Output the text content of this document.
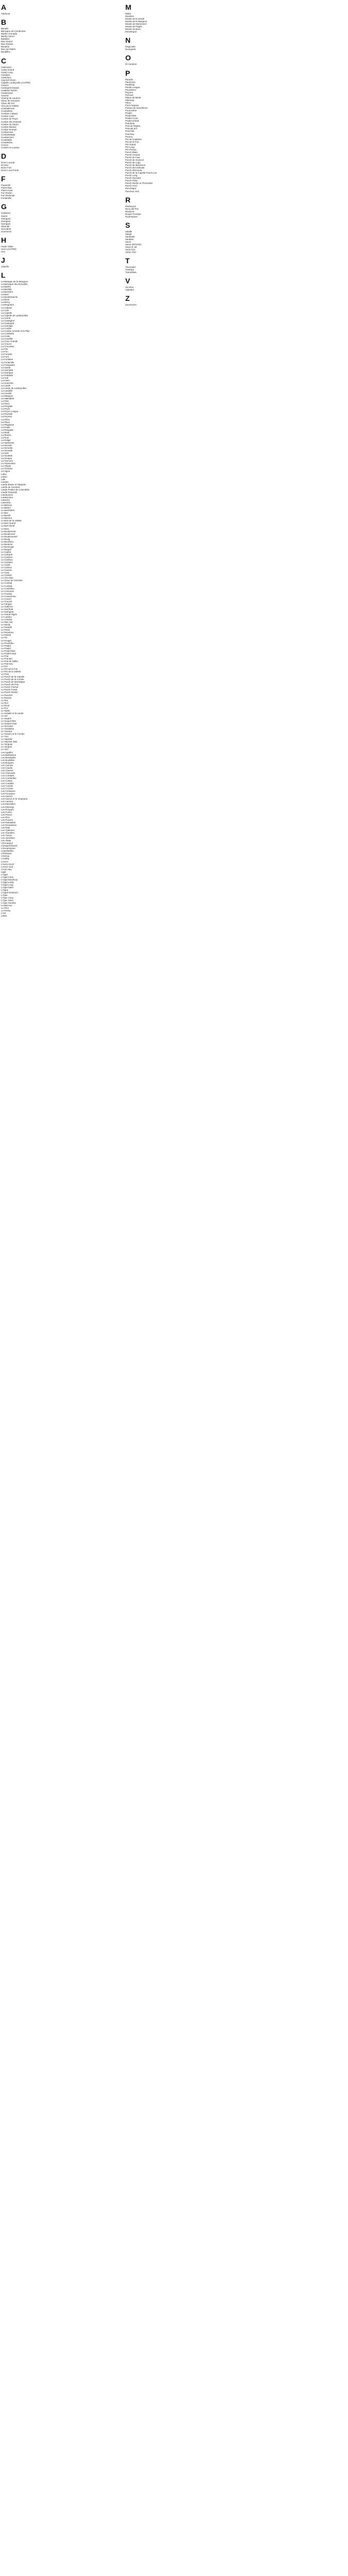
A
Aiteboua
B
Banelle
Barraque de Combrosse
Barthe Crenada
Barthe Verrel
Bataillon
Bois Grand
Bois Rolaire
Bonafon
Bois del Pattre
Boudilles
C
Cabrosset
Camp Grand
Camp Long
Canabes
Cantelouz
Cap Del Cleen
Capelle Lardeyrolle (AUTRE)
Casson
Castegrat Grande
Catalane Redon
Castanoard
Cauzac
Champ de Lauriers
Claux de Gumarot
Claux del Sol
Clos de la Valette
Combaléroes
Combellore
Combes Cabara
Combe Cave
Combe de Peyre
Combe des Estivats
Combe du Garrin
Combe Maonie
Combe Sounpe
Combensse
Combettelade
Condamines
Coudelade
Coutaledou
Crouzo
Croisés et Londou
D
Dorre Louzial
D'Artuo
Dorre Fort
Dorre Lous-Fonts
F
Favarede
Flazet Bas
Flazet Haut
Fon Rodon
Fon Redonde
Fontanelle
G
Galiniace
Garrot
Garriguet
Garriguel
Garriguel
Gibeuillt
Girondetti
Gommerd
H
Haute Valas
Herm (AUTRE)
Hon
J
Joberlin
L
La Baraque de la Margune
La Barraque des Escudiès
La Barthe
La Bastide
La Bessière
La Boie
La Bondetraunie
La Borie
La Brécy
La Brugueire
La Cabane
La Cale
La Capelle
La Capelle de Lardeyrolles
La Carral
La Castagner
La Castegral
La Carriage
La Combe
La Combe Grande et la Plan
La Combette
La Coste
La Coustille
La Croie Grande
La Crouzo
La Crouzette
La Fite
La Fon
La Fonsole
La Font
La Fontaine
La Fontenille
La Franquière
La Garde
La Garridde
La Garrigue
La Grabade
La Hutt
La Imelo
La Jouvente
La Lande
La Lande de Lardeyrolles
La Landelle
La Lèvade
La Marguse
La Matelabel
La Pèle
La Parro
La Pergade
La Peyre
La Peyre Longue
La Peyrade
La Peyrere
La Piéce
La Place
La Plagiasse
La Prade
La Rangade
La Riale
La Rivière
La Roie
La Rollgé
La Salavetrie
La Servale
La Servette
La Servade
La Sole
La Soulette
La Souque
La Tourcere
La Traverslére
La Tribale
La Triclame
La Vigne
Lafex
Laizer
Lale
Landes
Lande Basse et Haquele
Lande de Gumaret
Lande Petites de Colombàis
Lande Redonde
Landoueres
Lardeyroles
Lasserre
Lavernha
Le Bétroux
Le Bartez
Le Barrièdère
Le Bes
Le Besell
Le Blanout
Le Bois de la Valette
Le Bois Grand
Le Bois Rond
Le Bost
Le Boudevrnet
Le Boudevnal
Le Boudessonel
Le Bouig
Le Bourthou
Le Bouteza
Le Bouvegat
Le Burgus
Le Cadral
Le Calcanti
Le Cambon
Le Cambou
Le Cardaire
Le Casta
Le Cassou
Le Causse
Le Caxy
Le Chirard
Le Clos Bas
Le Claux de Garnette
Le Combal
Le Combat
Le Combillou
Le Comunas
Le Coudoy
Le Coustereau
Le Couzel
Le Crouzel
Le Fangas
Le Galerme
Le Garrifoat
Le Garriguet
Le Grand Nigrix
Le Landeu
Le Limidiot
Le Mas Hut
Le Mouly
Le Paradel
Le Pelus
Le Pelusnes
Le Pebrat
Le Pic
Le Pouget
Le Pouchfau
Le Pradel
Le Pradel
Le Pradel Bas
Le Pradel Haut
Le Prat
Le Prat Bel
Le Prat de Nalbe
Le Prat Neu
Le Pré
Le Pré de la Fon
Le Pré de la Valette
Le Prés
Le Puech de la Capelle
Le Puech de la Combe
Le Puech de Montelgne
Le Puech del Fau
Le Puech Fachat
Le Puech Fortal
Le Puech Redon
Le Puechel
Le Ramas
Le Rat
Le Riol
Le Rioul
Le Roc
Le Salas
Le Soladié et la Lande
Le Sol
Le Suquet
Le Suquet Bas
Le Suquet Haut
Le Terondel
Le Tondadou
Le Travaux
Le Travers et le Combe
Le Truc
Le Vayssac
Le Vayssac Bas
Le Vergnas
Le Vergnet
Le Vert
Les Agadès
Les Barbasses
Les Bessadels
Les Boubilles
Les Burgues
Les Carneis
Les Caudis
Les Clauset
Les Claussels
Les Combels
Les Combettes
Les Costes
Les Coudats
Les Coustis
Les Crozets
Les Fontaines
Les Fourques
Les Garrics
Les Garrus et le Vergnasa
Les Lacises
Les Mazzelles
Les Mazergs
Les Pergués
Les Pones
Les Places
Les Plus
Les Pouvés
Les Ramadels
Les Rieutasses
Les Rats
Les Tyalènes
Les Tourelles
Les Tuvres
Les Verrièkes
Les Vitats
L'Escargoul
L'Esquerréssent
L'Escarrassou
Lespelaelles
L'Esterpes
L'Estrop
L'Hebby
L'Herm
L'Herm Nord
L'Herm Sud
L'Hort Hau
Ligal
L'Ogal
L'Ogal Cany
L'Ogal Dazeloux
L'Ogal Lardy
L'Ogal Long
L'Ogal Saint
L'Ogue
L'Ogué Destruch
L'Ojue
L'Ojue Cany
L'Ojue Saint
L'Ojue Sourbie
Lo Barrous
Lo Pèro
Lo Pessu
L'Ort
Lanta
M
Malet
Moulière
Moulin de la Garde
Moulin de la Margune
Moulin de Marsennet
Moulin de Pagès
Moulin du Bosc
Mourlergue
N
Negsoutie
Nourgueto
O
Ol Cendren
P
Paradis
Paumovio
Pédéfisal
Pestat Longue
Peyralemo
Peyrere
Pichous
Plaine de Metel
Planeaty
Plesu
Pont Fargues
Poteau de Saoutherra
Pourcestrie
Pradel
Pradel Bas
Pradel Court
Pradel Grand
Prat Bele
Prat de l'Église
Prat del Sol
Prat Filié
Prat Neu
Prenou
Pré de Cadanes
Pré de la Fon
Pré Grand
Pré Long
Pré Pichou
Puech Blanc
Puech Cramat
Puech de Faut
Puech de Gumerd
Puech de Lugo
Puech de Marsenon
Puech des Estivats
Puech d'Ernoust
Puech de la Capelle Puech Lier
Puech Long
Puech Nouvadi
Puech Pelat
Puech Redon et l'Fenondel
Puech Verd
Puechagut
Puechen Vert
R
Rasseynol
Recu del Pec
Rivayrou
Roque Pourque
Roumegous
S
Salalle
Salaté
Sarabelle
Sarabes
Saver
Saver (ROUTE)
Sioys el Hé
Sous l'Ort
Sobre l'Ort
T
Therondel
Tirelebre
Tramafiluia
V
Vernhes
Vialettes
Z
Zourveyms
